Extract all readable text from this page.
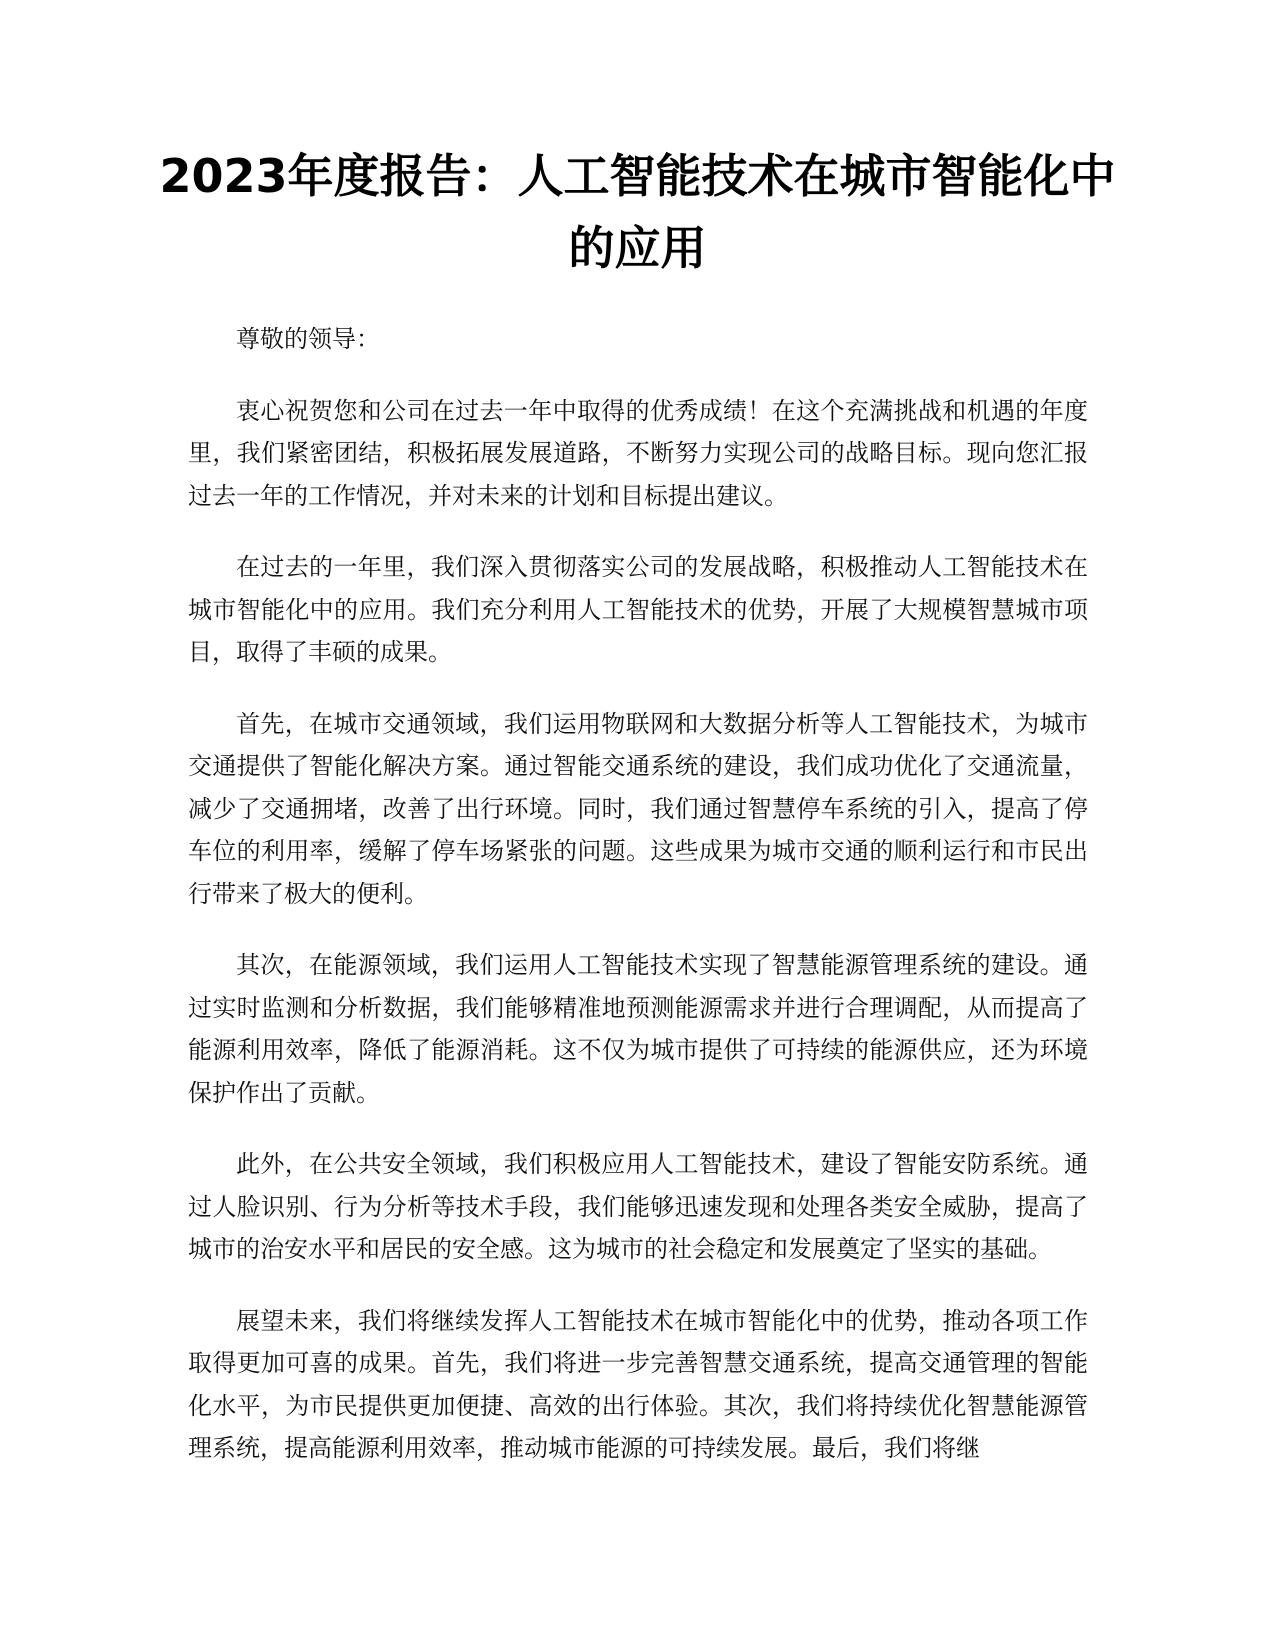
2023年度报告：人工智能技术在城市智能化中的应用

尊敬的领导：

衷心祝贺您和公司在过去一年中取得的优秀成绩！在这个充满挑战和机遇的年度里，我们紧密团结，积极拓展发展道路，不断努力实现公司的战略目标。现向您汇报过去一年的工作情况，并对未来的计划和目标提出建议。

在过去的一年里，我们深入贯彻落实公司的发展战略，积极推动人工智能技术在城市智能化中的应用。我们充分利用人工智能技术的优势，开展了大规模智慧城市项目，取得了丰硕的成果。

首先，在城市交通领域，我们运用物联网和大数据分析等人工智能技术，为城市交通提供了智能化解决方案。通过智能交通系统的建设，我们成功优化了交通流量，减少了交通拥堵，改善了出行环境。同时，我们通过智慧停车系统的引入，提高了停车位的利用率，缓解了停车场紧张的问题。这些成果为城市交通的顺利运行和市民出行带来了极大的便利。

其次，在能源领域，我们运用人工智能技术实现了智慧能源管理系统的建设。通过实时监测和分析数据，我们能够精准地预测能源需求并进行合理调配，从而提高了能源利用效率，降低了能源消耗。这不仅为城市提供了可持续的能源供应，还为环境保护作出了贡献。

此外，在公共安全领域，我们积极应用人工智能技术，建设了智能安防系统。通过人脸识别、行为分析等技术手段，我们能够迅速发现和处理各类安全威胁，提高了城市的治安水平和居民的安全感。这为城市的社会稳定和发展奠定了坚实的基础。

展望未来，我们将继续发挥人工智能技术在城市智能化中的优势，推动各项工作取得更加可喜的成果。首先，我们将进一步完善智慧交通系统，提高交通管理的智能化水平，为市民提供更加便捷、高效的出行体验。其次，我们将持续优化智慧能源管理系统，提高能源利用效率，推动城市能源的可持续发展。最后，我们将继
